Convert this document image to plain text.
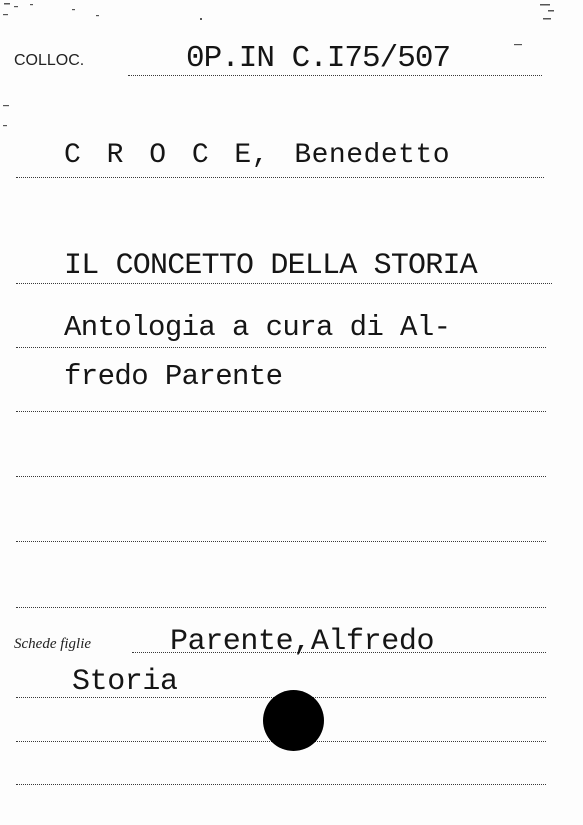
COLLOC.	0P.IN C.I75/507
C R O C E, Benedetto
IL CONCETTO DELLA STORIA
Antologia a cura di Al-
fredo Parente
Schede figlie	Parente,Alfredo
Storia
